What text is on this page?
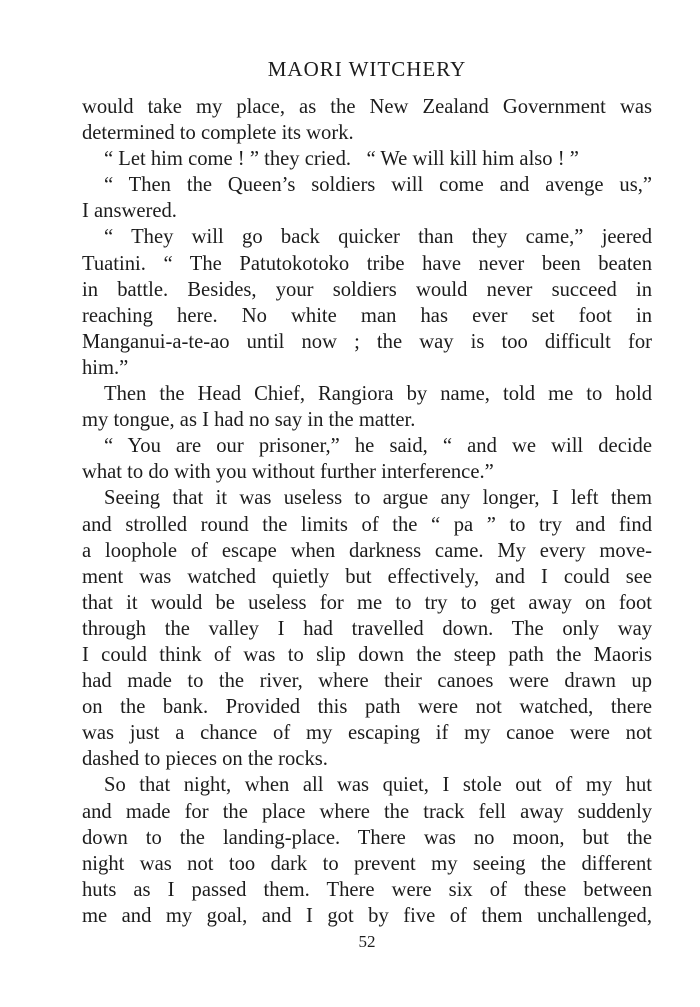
MAORI WITCHERY
would take my place, as the New Zealand Government was
determined to complete its work.
“ Let him come ! ” they cried.   “ We will kill him also ! ”
“ Then the Queen’s soldiers will come and avenge us,”
I answered.
“ They will go back quicker than they came,” jeered
Tuatini. “ The Patutokotoko tribe have never been beaten
in battle. Besides, your soldiers would never succeed in
reaching here. No white man has ever set foot in
Manganui-a-te-ao until now ; the way is too difficult for
him.”
Then the Head Chief, Rangiora by name, told me to hold
my tongue, as I had no say in the matter.
“ You are our prisoner,” he said, “ and we will decide
what to do with you without further interference.”
Seeing that it was useless to argue any longer, I left them
and strolled round the limits of the “ pa ” to try and find
a loophole of escape when darkness came. My every move-
ment was watched quietly but effectively, and I could see
that it would be useless for me to try to get away on foot
through the valley I had travelled down. The only way
I could think of was to slip down the steep path the Maoris
had made to the river, where their canoes were drawn up
on the bank. Provided this path were not watched, there
was just a chance of my escaping if my canoe were not
dashed to pieces on the rocks.
So that night, when all was quiet, I stole out of my hut
and made for the place where the track fell away suddenly
down to the landing-place. There was no moon, but the
night was not too dark to prevent my seeing the different
huts as I passed them. There were six of these between
me and my goal, and I got by five of them unchallenged,
52
